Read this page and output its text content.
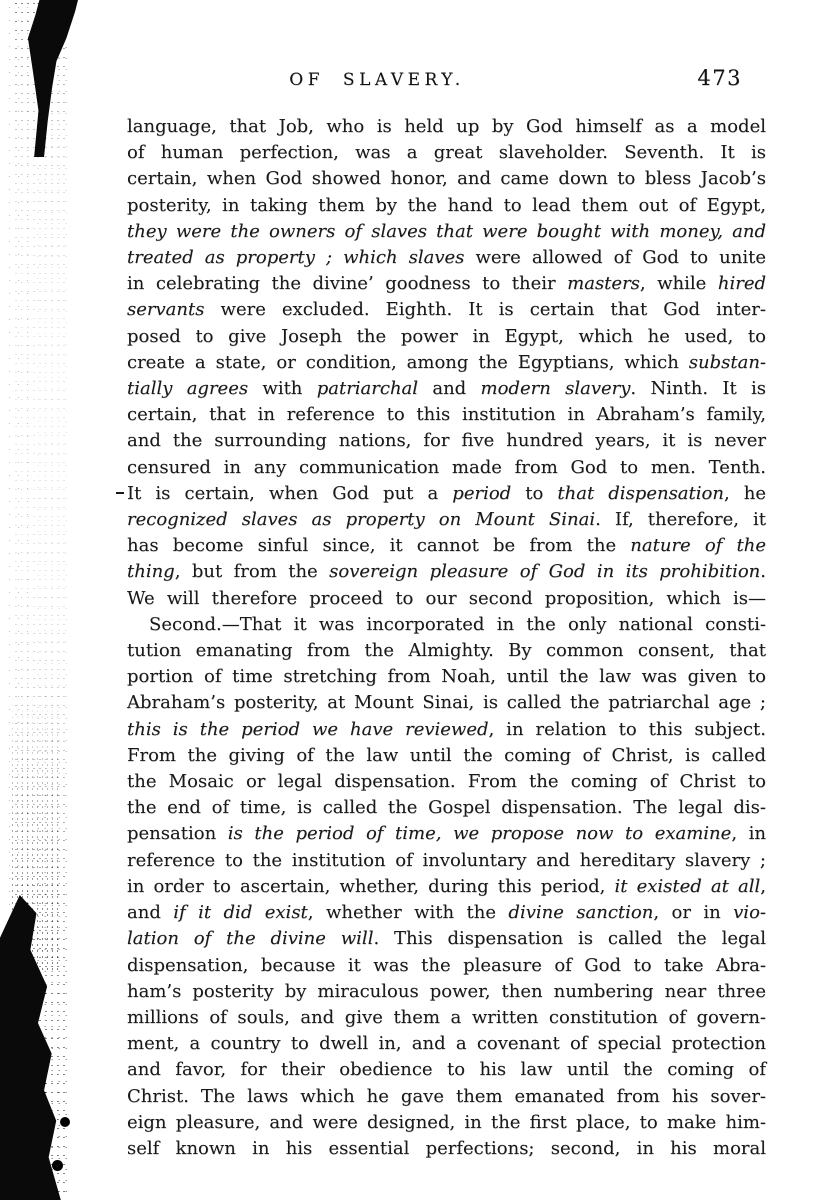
OF SLAVERY.	473
language, that Job, who is held up by God himself as a model
of human perfection, was a great slaveholder. Seventh. It is
certain, when God showed honor, and came down to bless Jacob’s
posterity, in taking them by the hand to lead them out of Egypt,
they were the owners of slaves that were bought with money, and
treated as property ; which slaves were allowed of God to unite
in celebrating the divine’ goodness to their masters, while hired
servants were excluded. Eighth. It is certain that God inter-
posed to give Joseph the power in Egypt, which he used, to
create a state, or condition, among the Egyptians, which substan-
tially agrees with patriarchal and modern slavery. Ninth. It is
certain, that in reference to this institution in Abraham’s family,
and the surrounding nations, for five hundred years, it is never
censured in any communication made from God to men. Tenth.
It is certain, when God put a period to that dispensation, he
recognized slaves as property on Mount Sinai. If, therefore, it
has become sinful since, it cannot be from the nature of the
thing, but from the sovereign pleasure of God in its prohibition.
We will therefore proceed to our second proposition, which is—
Second.—That it was incorporated in the only national consti-
tution emanating from the Almighty. By common consent, that
portion of time stretching from Noah, until the law was given to
Abraham’s posterity, at Mount Sinai, is called the patriarchal age ;
this is the period we have reviewed, in relation to this subject.
From the giving of the law until the coming of Christ, is called
the Mosaic or legal dispensation. From the coming of Christ to
the end of time, is called the Gospel dispensation. The legal dis-
pensation is the period of time, we propose now to examine, in
reference to the institution of involuntary and hereditary slavery ;
in order to ascertain, whether, during this period, it existed at all,
and if it did exist, whether with the divine sanction, or in vio-
lation of the divine will. This dispensation is called the legal
dispensation, because it was the pleasure of God to take Abra-
ham’s posterity by miraculous power, then numbering near three
millions of souls, and give them a written constitution of govern-
ment, a country to dwell in, and a covenant of special protection
and favor, for their obedience to his law until the coming of
Christ. The laws which he gave them emanated from his sover-
eign pleasure, and were designed, in the first place, to make him-
self known in his essential perfections; second, in his moral
